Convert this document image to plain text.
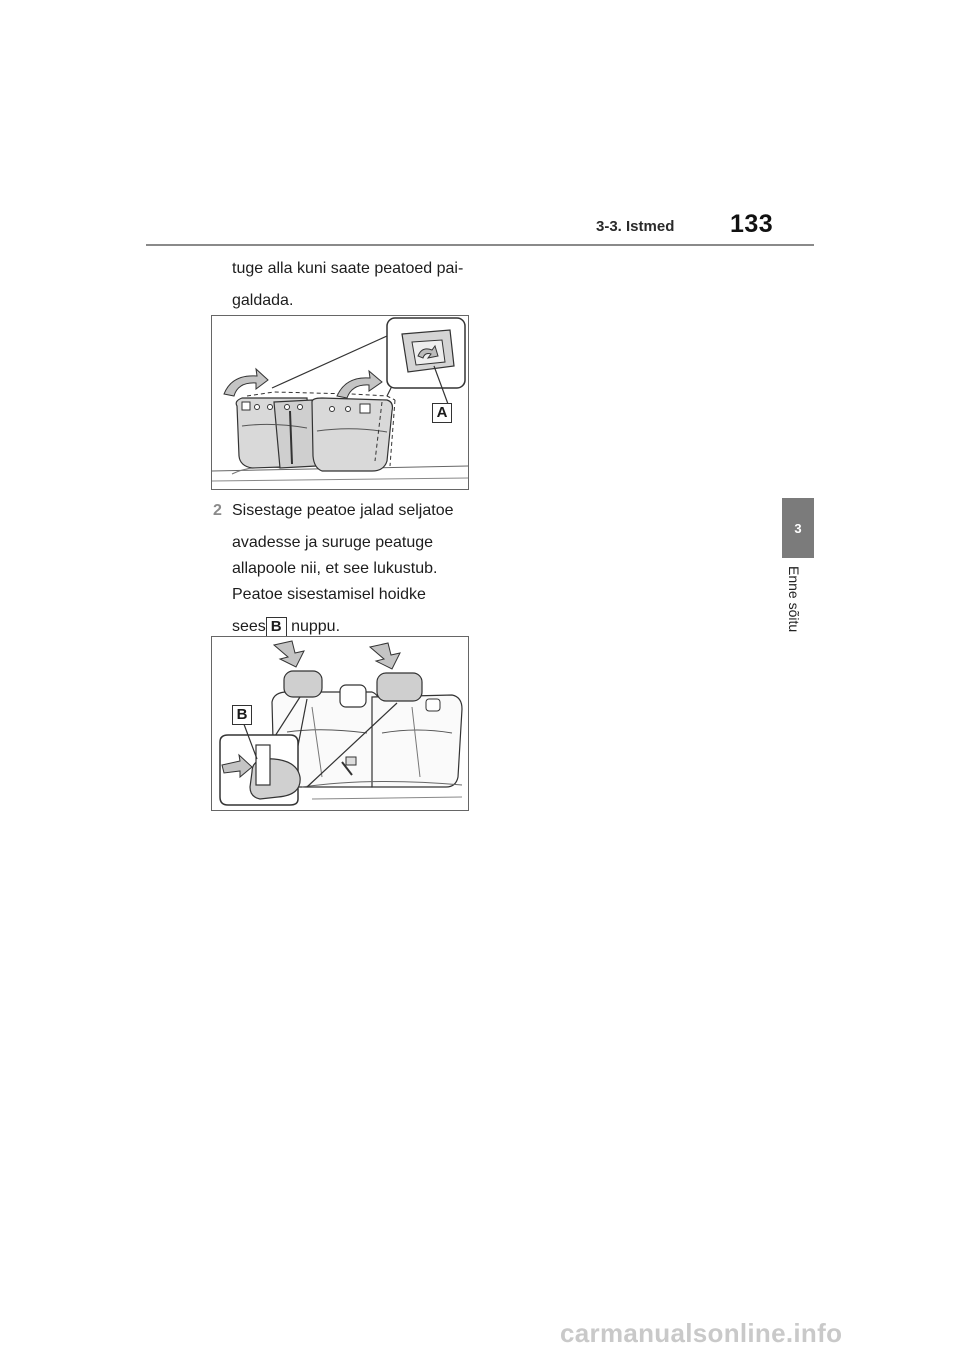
3-3. Istmed 133
3
Enne sõitu
tuge alla kuni saate peatoed pai-
galdada.
A
2 Sisestage peatoe jalad seljatoe
avadesse ja suruge peatuge
allapoole nii, et see lukustub.
Peatoe sisestamisel hoidke
sees B nuppu.
B
carmanualsonline.info
